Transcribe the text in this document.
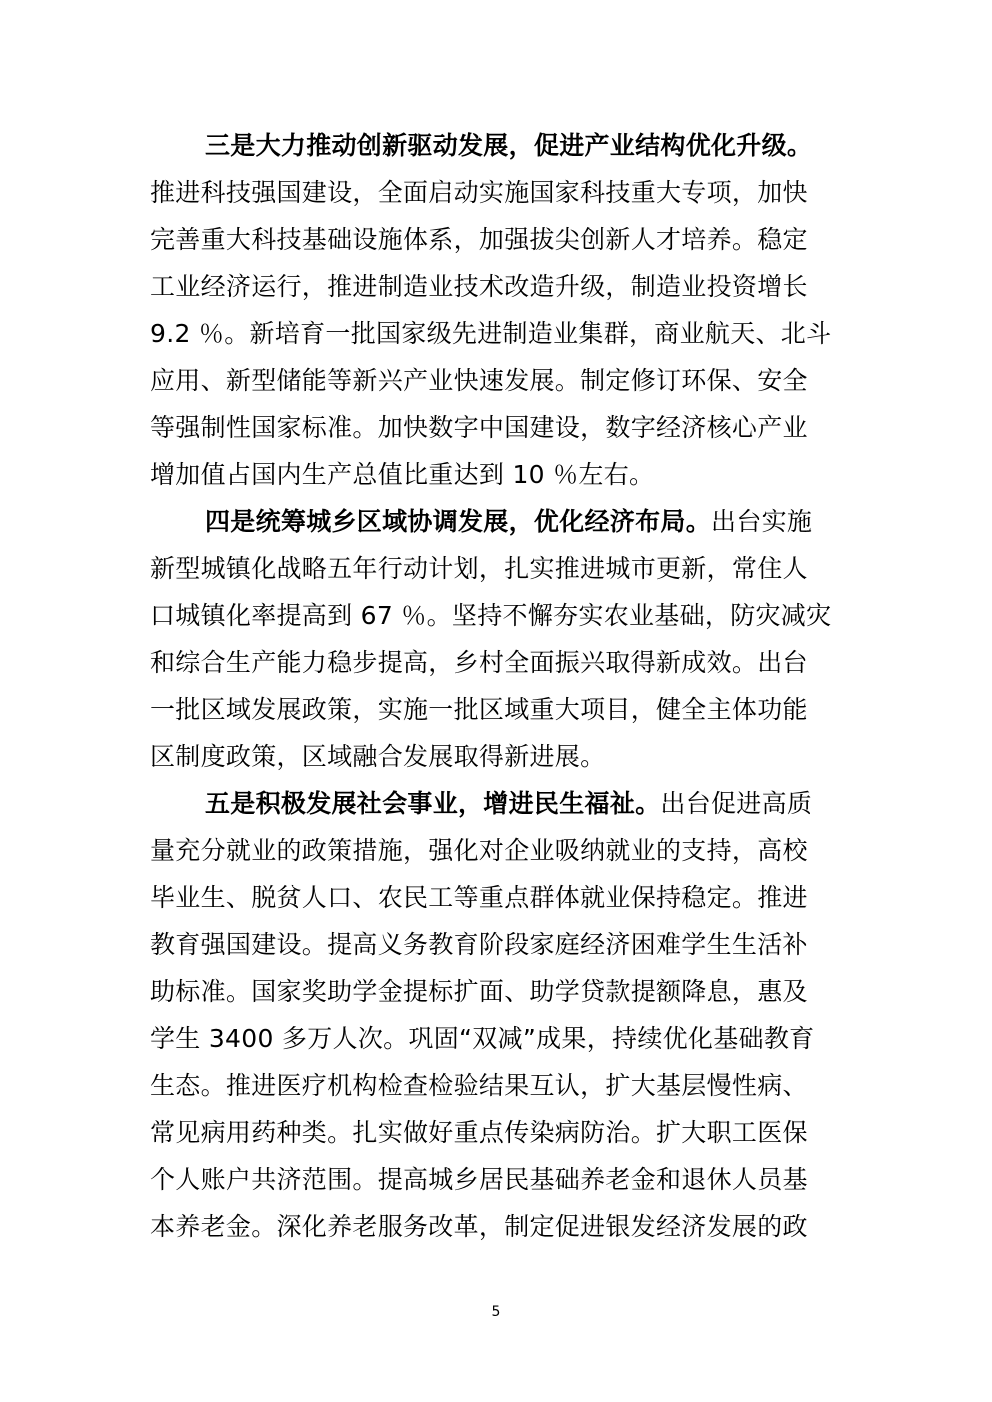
三是大力推动创新驱动发展，促进产业结构优化升级。
推进科技强国建设，全面启动实施国家科技重大专项，加快
完善重大科技基础设施体系，加强拔尖创新人才培养。稳定
工业经济运行，推进制造业技术改造升级，制造业投资增长
9.2 ％。新培育一批国家级先进制造业集群，商业航天、北斗
应用、新型储能等新兴产业快速发展。制定修订环保、安全
等强制性国家标准。加快数字中国建设，数字经济核心产业
增加值占国内生产总值比重达到 10 ％左右。
四是统筹城乡区域协调发展，优化经济布局。出台实施
新型城镇化战略五年行动计划，扎实推进城市更新，常住人
口城镇化率提高到 67 ％。坚持不懈夯实农业基础，防灾减灾
和综合生产能力稳步提高，乡村全面振兴取得新成效。出台
一批区域发展政策，实施一批区域重大项目，健全主体功能
区制度政策，区域融合发展取得新进展。
五是积极发展社会事业，增进民生福祉。出台促进高质
量充分就业的政策措施，强化对企业吸纳就业的支持，高校
毕业生、脱贫人口、农民工等重点群体就业保持稳定。推进
教育强国建设。提高义务教育阶段家庭经济困难学生生活补
助标准。国家奖助学金提标扩面、助学贷款提额降息，惠及
学生 3400 多万人次。巩固“双减”成果，持续优化基础教育
生态。推进医疗机构检查检验结果互认，扩大基层慢性病、
常见病用药种类。扎实做好重点传染病防治。扩大职工医保
个人账户共济范围。提高城乡居民基础养老金和退休人员基
本养老金。深化养老服务改革，制定促进银发经济发展的政
5
